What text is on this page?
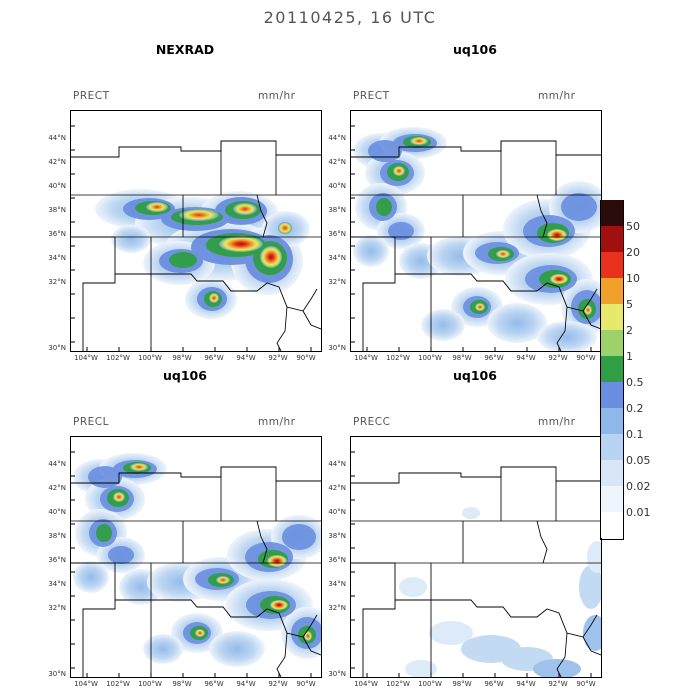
20110425, 16 UTC
NEXRAD	uq106
uq106	uq106
PRECT	mm/hr
44°N
42°N
40°N
38°N
36°N
34°N
32°N
30°N
104°W	102°W	100°W	98°W	96°W	94°W	92°W	90°W
PRECT	mm/hr
44°N
42°N
40°N
38°N
36°N
34°N
32°N
30°N
104°W	102°W	100°W	98°W	96°W	94°W	92°W	90°W
PRECL	mm/hr
44°N
42°N
40°N
38°N
36°N
34°N
32°N
30°N
104°W	102°W	100°W	98°W	96°W	94°W	92°W	90°W
PRECC	mm/hr
44°N
42°N
40°N
38°N
36°N
34°N
32°N
30°N
104°W	102°W	100°W	98°W	96°W	94°W	92°W	90°W
50
20
10
5
2
1
0.5
0.2
0.1
0.05
0.02
0.01
